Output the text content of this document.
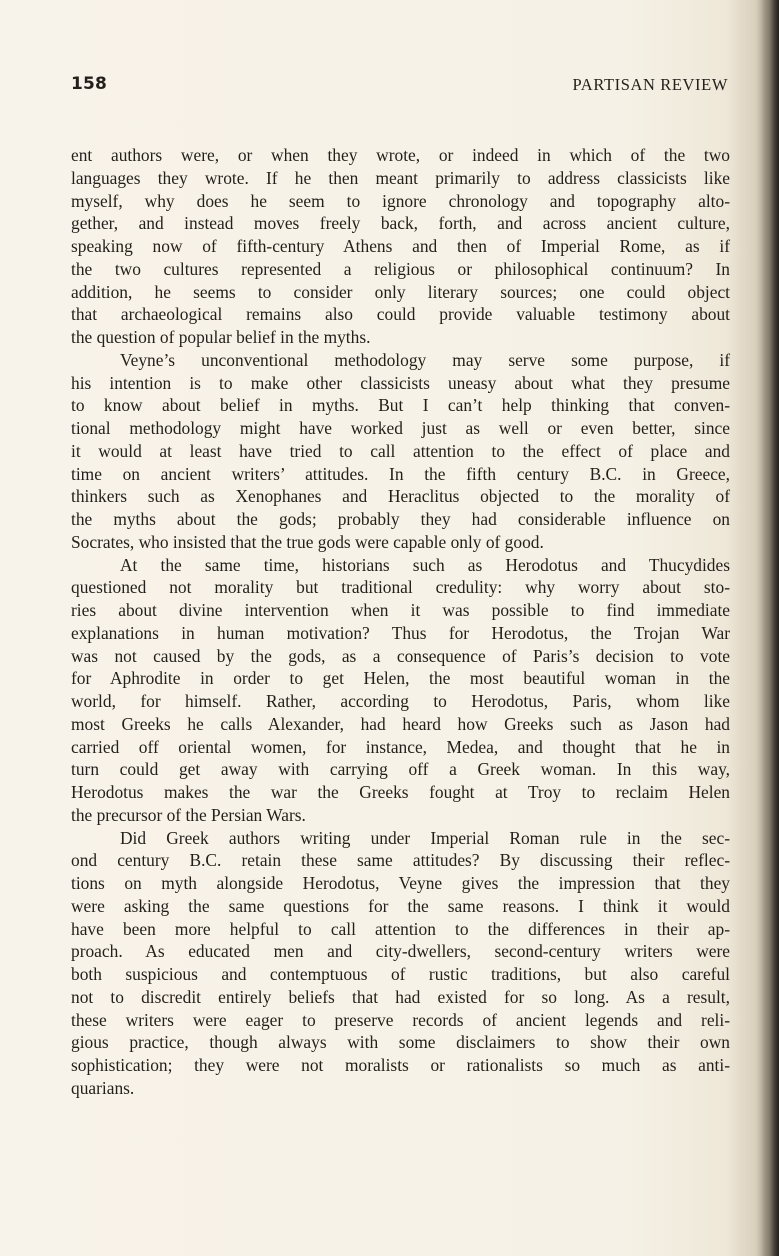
158	PARTISAN REVIEW

ent authors were, or when they wrote, or indeed in which of the two
languages they wrote. If he then meant primarily to address classicists like
myself, why does he seem to ignore chronology and topography alto-
gether, and instead moves freely back, forth, and across ancient culture,
speaking now of fifth-century Athens and then of Imperial Rome, as if
the two cultures represented a religious or philosophical continuum? In
addition, he seems to consider only literary sources; one could object
that archaeological remains also could provide valuable testimony about
the question of popular belief in the myths.

Veyne’s unconventional methodology may serve some purpose, if
his intention is to make other classicists uneasy about what they presume
to know about belief in myths. But I can’t help thinking that conven-
tional methodology might have worked just as well or even better, since
it would at least have tried to call attention to the effect of place and
time on ancient writers’ attitudes. In the fifth century B.C. in Greece,
thinkers such as Xenophanes and Heraclitus objected to the morality of
the myths about the gods; probably they had considerable influence on
Socrates, who insisted that the true gods were capable only of good.

At the same time, historians such as Herodotus and Thucydides
questioned not morality but traditional credulity: why worry about sto-
ries about divine intervention when it was possible to find immediate
explanations in human motivation? Thus for Herodotus, the Trojan War
was not caused by the gods, as a consequence of Paris’s decision to vote
for Aphrodite in order to get Helen, the most beautiful woman in the
world, for himself. Rather, according to Herodotus, Paris, whom like
most Greeks he calls Alexander, had heard how Greeks such as Jason had
carried off oriental women, for instance, Medea, and thought that he in
turn could get away with carrying off a Greek woman. In this way,
Herodotus makes the war the Greeks fought at Troy to reclaim Helen
the precursor of the Persian Wars.

Did Greek authors writing under Imperial Roman rule in the sec-
ond century B.C. retain these same attitudes? By discussing their reflec-
tions on myth alongside Herodotus, Veyne gives the impression that they
were asking the same questions for the same reasons. I think it would
have been more helpful to call attention to the differences in their ap-
proach. As educated men and city-dwellers, second-century writers were
both suspicious and contemptuous of rustic traditions, but also careful
not to discredit entirely beliefs that had existed for so long. As a result,
these writers were eager to preserve records of ancient legends and reli-
gious practice, though always with some disclaimers to show their own
sophistication; they were not moralists or rationalists so much as anti-
quarians.
